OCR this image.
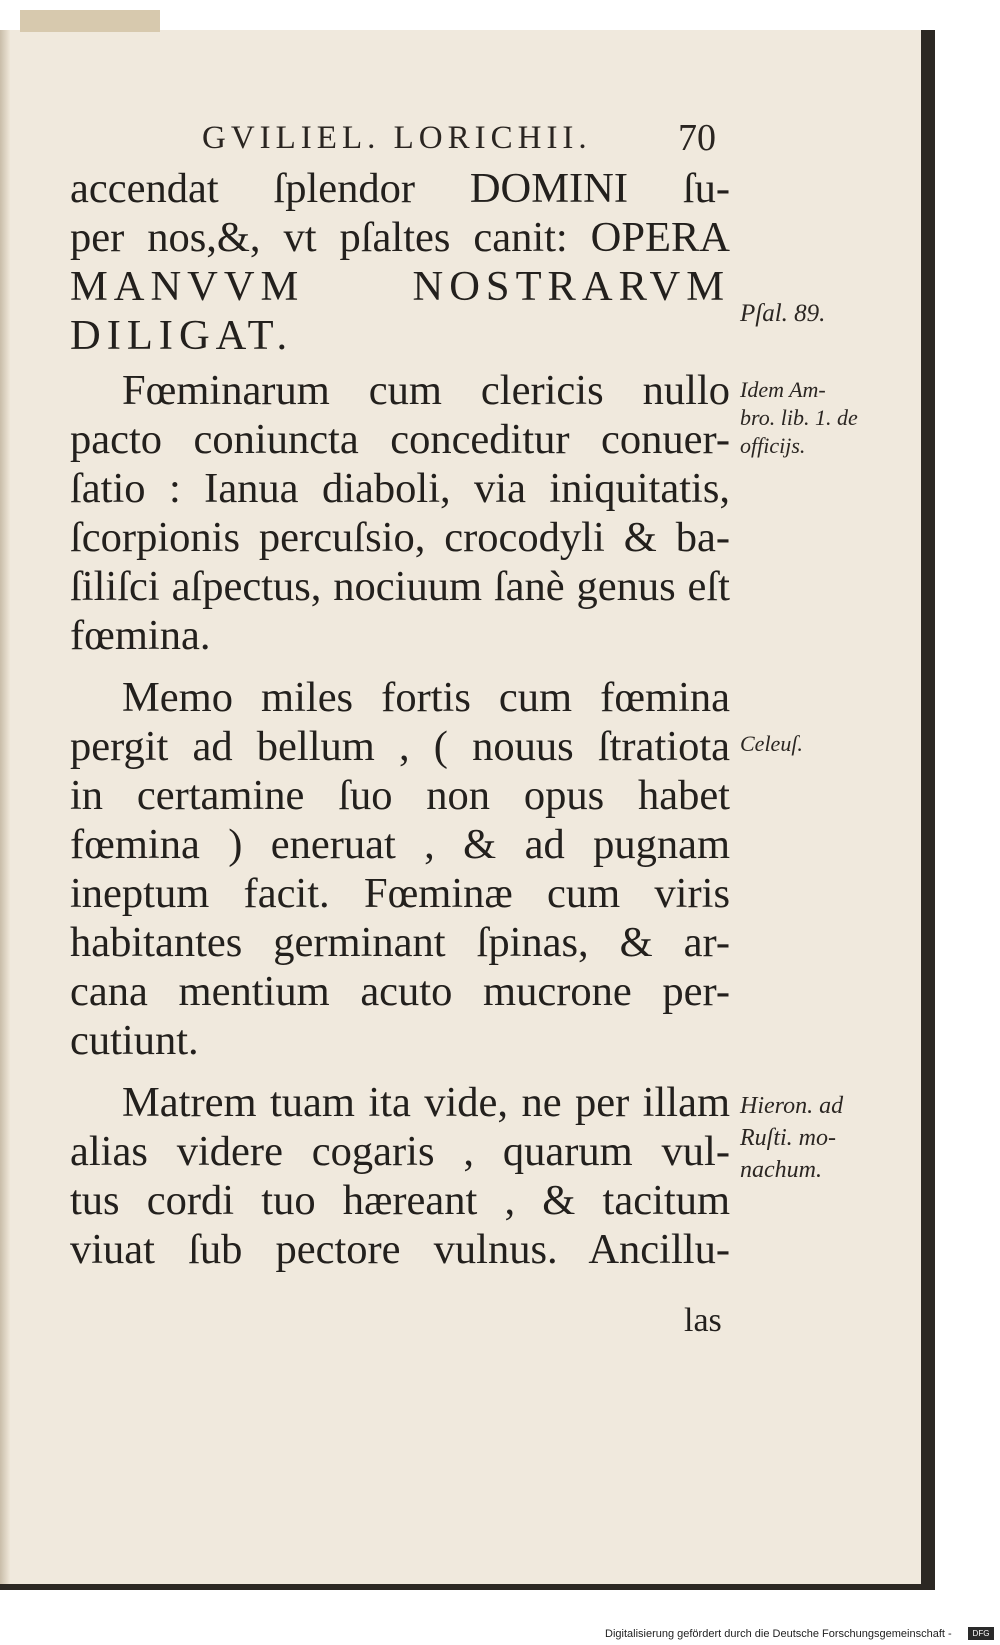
GVILIEL. LORICHII. 70
accendat ſplendor DOMINI ſu-
per nos,&, vt pſaltes canit: OPERA
MANVVM NOSTRARVM
DILIGAT.
Fœminarum cum clericis nullo
pacto coniuncta conceditur conuer-
ſatio : Ianua diaboli, via iniquitatis,
ſcorpionis percuſsio, crocodyli & ba-
ſiliſci aſpectus, nociuum ſanè genus eſt
fœmina.
Memo miles fortis cum fœmina
pergit ad bellum , ( nouus ſtratiota
in certamine ſuo non opus habet
fœmina ) eneruat , & ad pugnam
ineptum facit. Fœminæ cum viris
habitantes germinant ſpinas, & ar-
cana mentium acuto mucrone per-
cutiunt.
Matrem tuam ita vide, ne per illam
alias videre cogaris , quarum vul-
tus cordi tuo hæreant , & tacitum
viuat ſub pectore vulnus. Ancillu-
las
Pſal. 89.
Idem Am-
bro. lib. 1. de
officijs.
Celeuſ.
Hieron. ad
Ruſti. mo-
nachum.
Digitalisierung gefördert durch die Deutsche Forschungsgemeinschaft -	DFG
